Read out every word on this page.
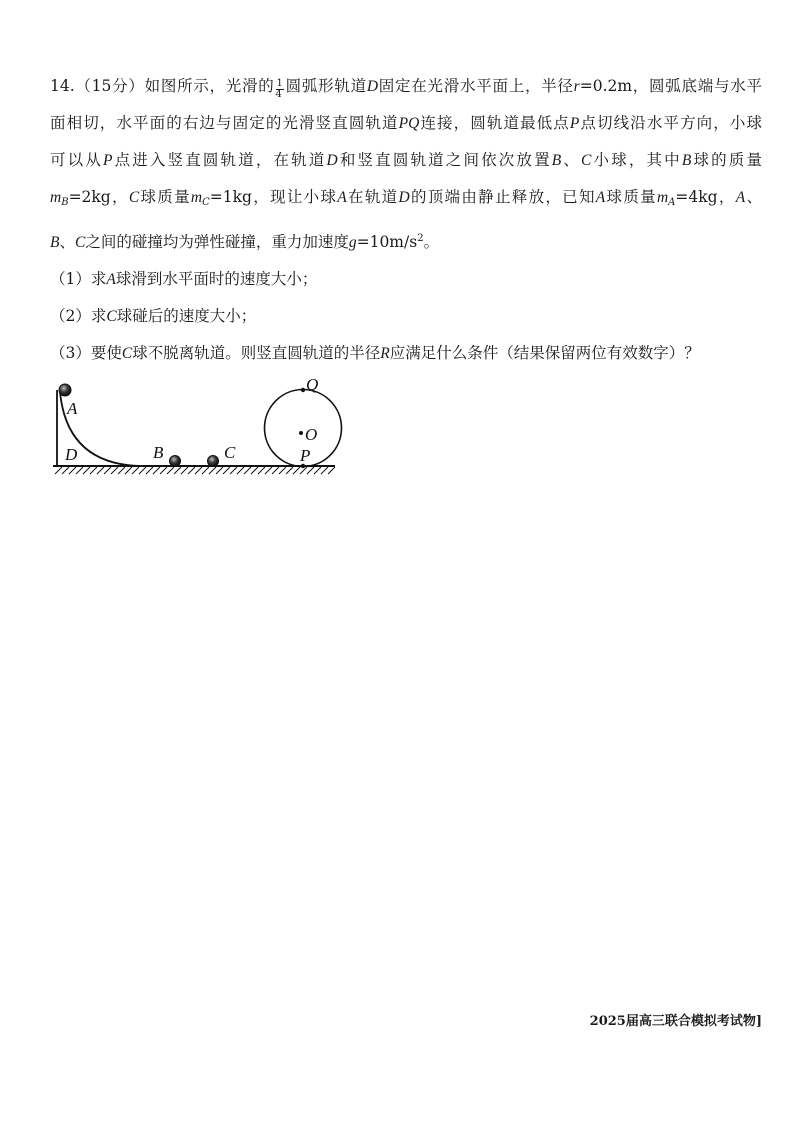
14.（15分）如图所示，光滑的 $\frac{1}{4}$ 圆弧形轨道D固定在光滑水平面上，半径r=0.2m，圆弧底端与水平
面相切，水平面的右边与固定的光滑竖直圆轨道PQ连接，圆轨道最低点P点切线沿水平方向，小球
可以从P点进入竖直圆轨道，在轨道D和竖直圆轨道之间依次放置B、C小球，其中B球的质量
$m_B=2kg$，C球质量$m_C=1kg$，现让小球A在轨道D的顶端由静止释放，已知A球质量$m_A=4kg$，A、
B、C之间的碰撞均为弹性碰撞，重力加速度$g=10m/s^2$。
（1）求A球滑到水平面时的速度大小；
（2）求C球碰后的速度大小；
（3）要使C球不脱离轨道。则竖直圆轨道的半径R应满足什么条件（结果保留两位有效数字）？
A
D	B	C
Q
O
P
2025届高三联合模拟考试物]
